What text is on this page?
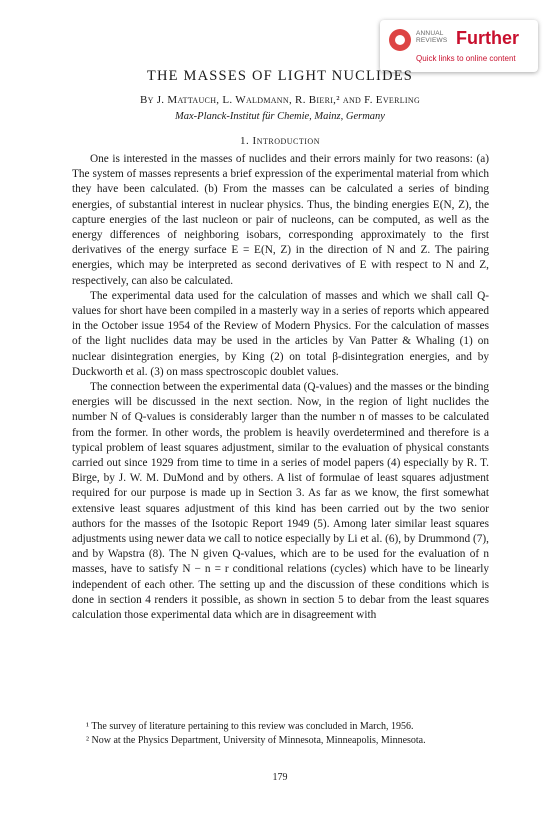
ANNUAL REVIEWS Further
Quick links to online content
THE MASSES OF LIGHT NUCLIDES
By J. Mattauch, L. Waldmann, R. Bieri,² and F. Everling
Max-Planck-Institut für Chemie, Mainz, Germany
1. Introduction

One is interested in the masses of nuclides and their errors mainly for two reasons: (a) The system of masses represents a brief expression of the experimental material from which they have been calculated. (b) From the masses can be calculated a series of binding energies, of substantial interest in nuclear physics. Thus, the binding energies E(N, Z), the capture energies of the last nucleon or pair of nucleons, can be computed, as well as the energy differences of neighboring isobars, corresponding approximately to the first derivatives of the energy surface E = E(N, Z) in the direction of N and Z. The pairing energies, which may be interpreted as second derivatives of E with respect to N and Z, respectively, can also be calculated.

The experimental data used for the calculation of masses and which we shall call Q-values for short have been compiled in a masterly way in a series of reports which appeared in the October issue 1954 of the Review of Modern Physics. For the calculation of masses of the light nuclides data may be used in the articles by Van Patter & Whaling (1) on nuclear disintegration energies, by King (2) on total β-disintegration energies, and by Duckworth et al. (3) on mass spectroscopic doublet values.

The connection between the experimental data (Q-values) and the masses or the binding energies will be discussed in the next section. Now, in the region of light nuclides the number N of Q-values is considerably larger than the number n of masses to be calculated from the former. In other words, the problem is heavily overdetermined and therefore is a typical problem of least squares adjustment, similar to the evaluation of physical constants carried out since 1929 from time to time in a series of model papers (4) especially by R. T. Birge, by J. W. M. DuMond and by others. A list of formulae of least squares adjustment required for our purpose is made up in Section 3. As far as we know, the first somewhat extensive least squares adjustment of this kind has been carried out by the two senior authors for the masses of the Isotopic Report 1949 (5). Among later similar least squares adjustments using newer data we call to notice especially by Li et al. (6), by Drummond (7), and by Wapstra (8). The N given Q-values, which are to be used for the evaluation of n masses, have to satisfy N − n = r conditional relations (cycles) which have to be linearly independent of each other. The setting up and the discussion of these conditions which is done in section 4 renders it possible, as shown in section 5 to debar from the least squares calculation those experimental data which are in disagreement with

¹ The survey of literature pertaining to this review was concluded in March, 1956.

² Now at the Physics Department, University of Minnesota, Minneapolis, Minnesota.

179
